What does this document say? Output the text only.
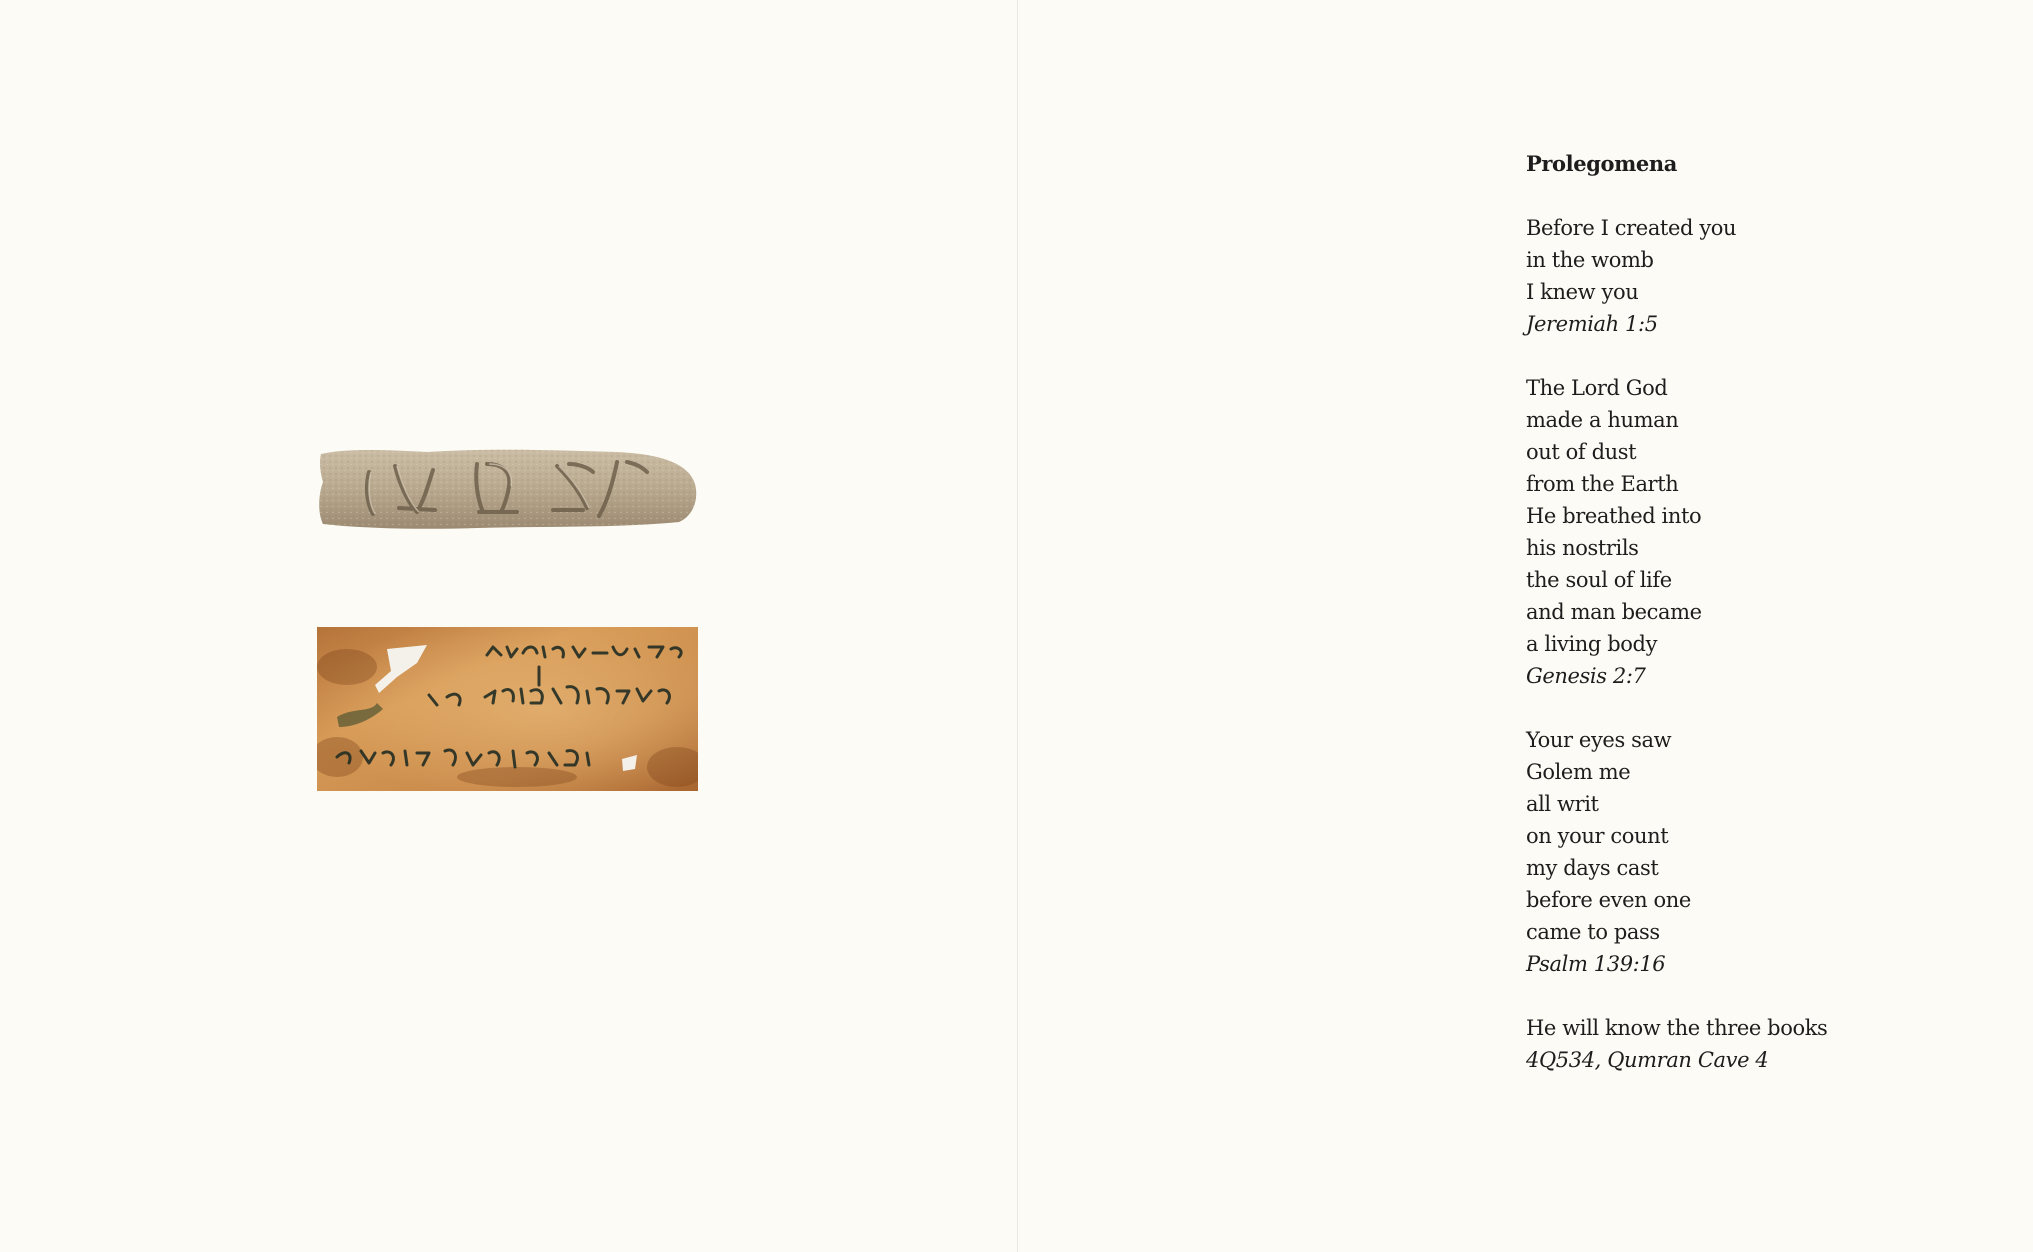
Prolegomena
Before I created you
in the womb
I knew you
Jeremiah 1:5
The Lord God
made a human
out of dust
from the Earth
He breathed into
his nostrils
the soul of life
and man became
a living body
Genesis 2:7
Your eyes saw
Golem me
all writ
on your count
my days cast
before even one
came to pass
Psalm 139:16
He will know the three books
4Q534, Qumran Cave 4
